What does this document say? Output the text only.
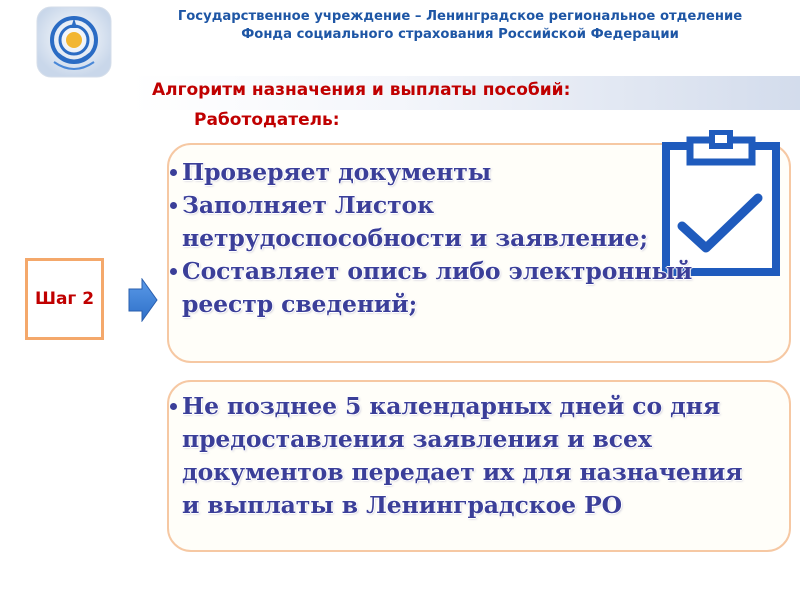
Государственное учреждение – Ленинградское региональное отделение
Фонда социального страхования Российской Федерации
Алгоритм назначения и выплаты пособий:
Работодатель:
Шаг 2
Проверяет документы
Заполняет Листок
нетрудоспособности и заявление;
Составляет опись либо электронный
реестр сведений;
Не позднее 5 календарных дней со дня
предоставления заявления и всех
документов передает их для назначения
и выплаты в Ленинградское РО
